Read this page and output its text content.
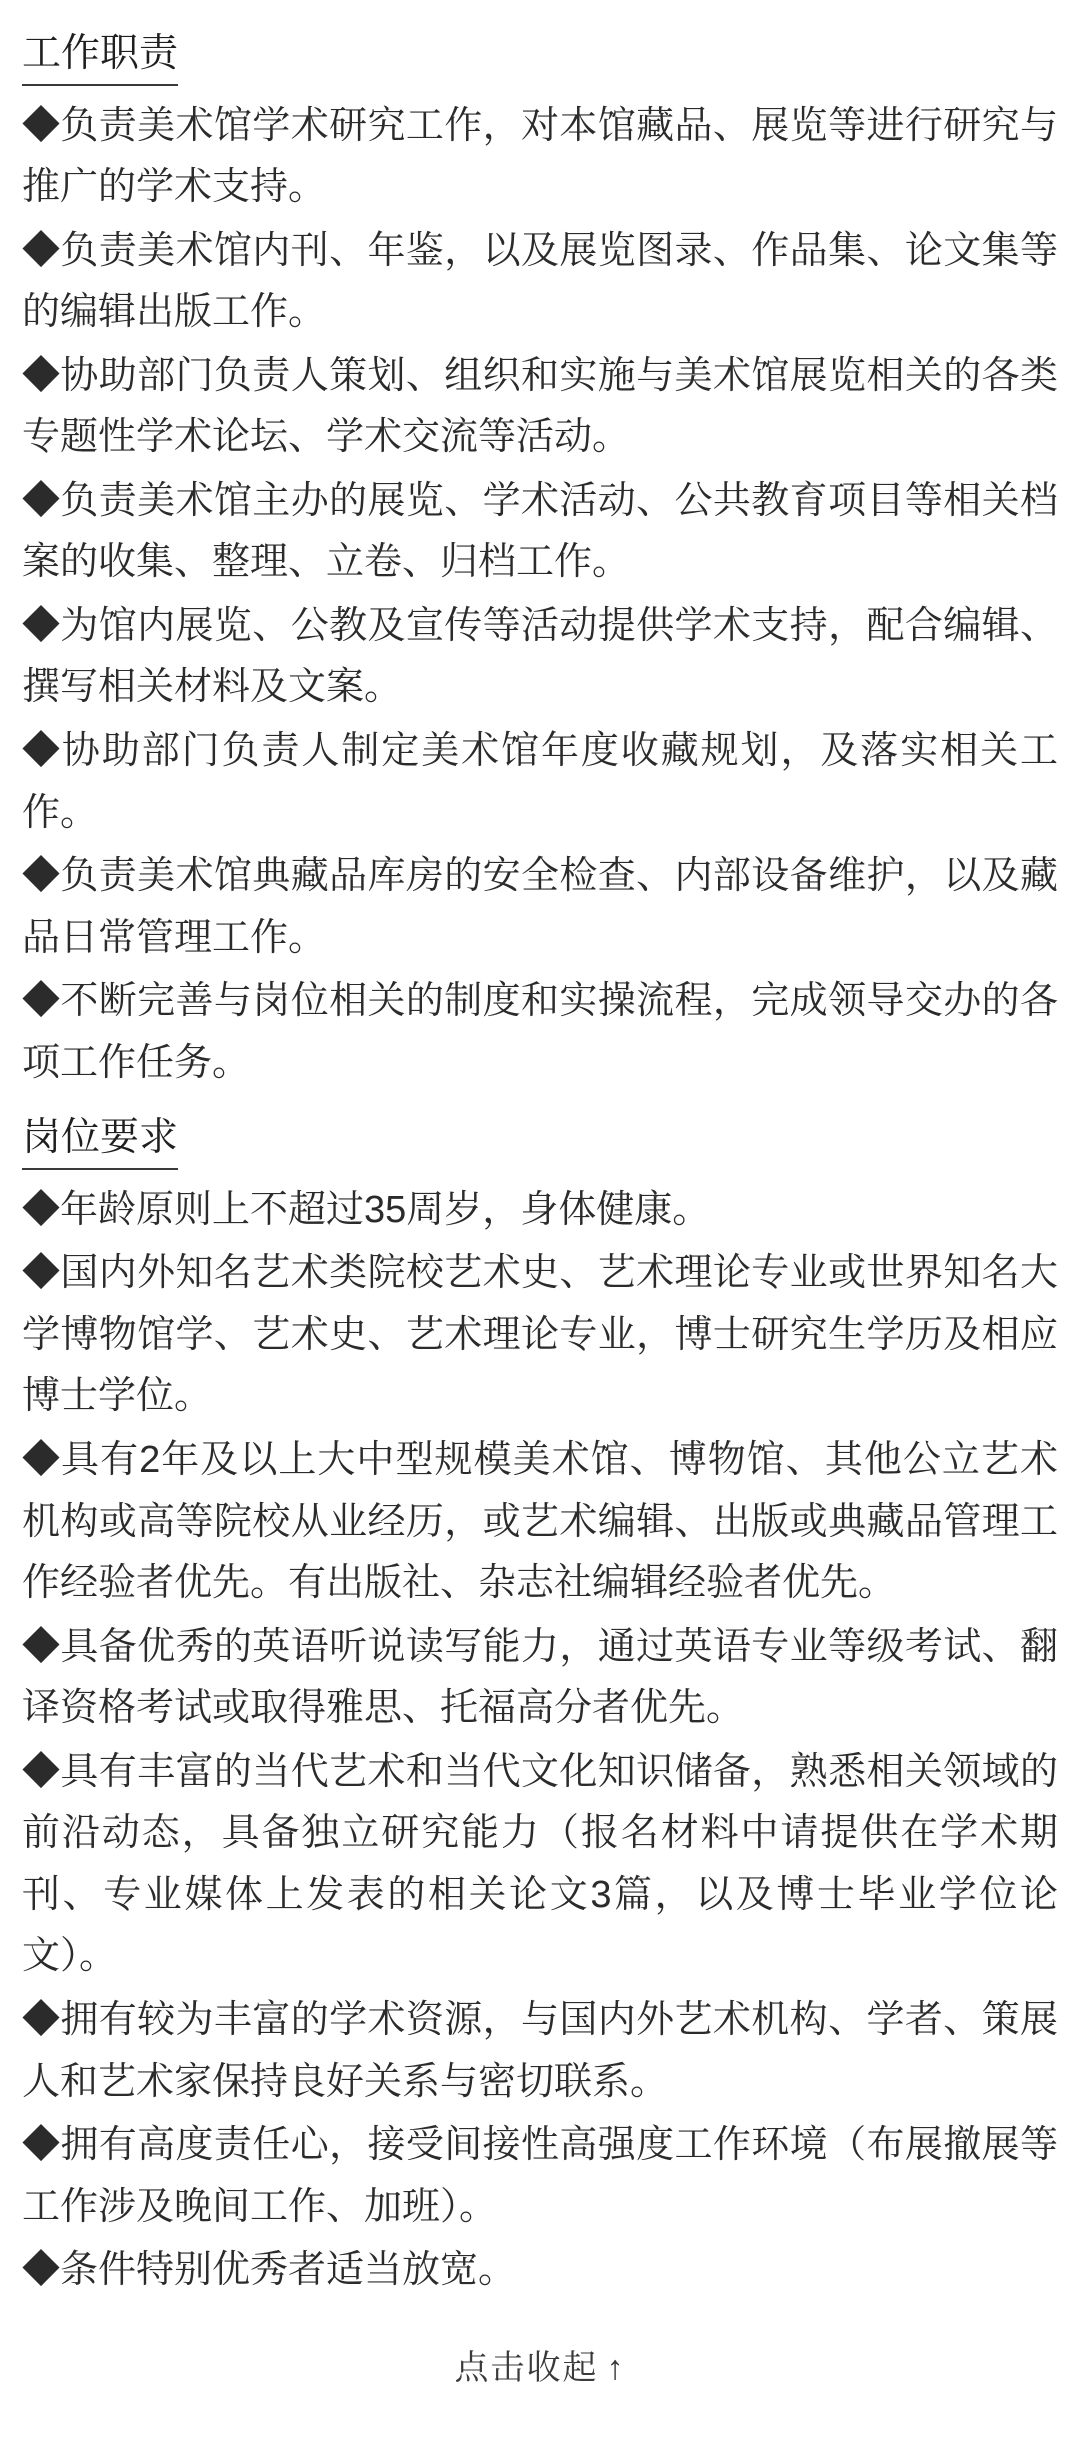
工作职责

◆负责美术馆学术研究工作，对本馆藏品、展览等进行研究与推广的学术支持。

◆负责美术馆内刊、年鉴，以及展览图录、作品集、论文集等的编辑出版工作。

◆协助部门负责人策划、组织和实施与美术馆展览相关的各类专题性学术论坛、学术交流等活动。

◆负责美术馆主办的展览、学术活动、公共教育项目等相关档案的收集、整理、立卷、归档工作。

◆为馆内展览、公教及宣传等活动提供学术支持，配合编辑、撰写相关材料及文案。

◆协助部门负责人制定美术馆年度收藏规划，及落实相关工作。

◆负责美术馆典藏品库房的安全检查、内部设备维护，以及藏品日常管理工作。

◆不断完善与岗位相关的制度和实操流程，完成领导交办的各项工作任务。

岗位要求

◆年龄原则上不超过35周岁，身体健康。

◆国内外知名艺术类院校艺术史、艺术理论专业或世界知名大学博物馆学、艺术史、艺术理论专业，博士研究生学历及相应博士学位。

◆具有2年及以上大中型规模美术馆、博物馆、其他公立艺术机构或高等院校从业经历，或艺术编辑、出版或典藏品管理工作经验者优先。有出版社、杂志社编辑经验者优先。

◆具备优秀的英语听说读写能力，通过英语专业等级考试、翻译资格考试或取得雅思、托福高分者优先。

◆具有丰富的当代艺术和当代文化知识储备，熟悉相关领域的前沿动态，具备独立研究能力（报名材料中请提供在学术期刊、专业媒体上发表的相关论文3篇，以及博士毕业学位论文）。

◆拥有较为丰富的学术资源，与国内外艺术机构、学者、策展人和艺术家保持良好关系与密切联系。

◆拥有高度责任心，接受间接性高强度工作环境（布展撤展等工作涉及晚间工作、加班）。

◆条件特别优秀者适当放宽。

点击收起 ↑
